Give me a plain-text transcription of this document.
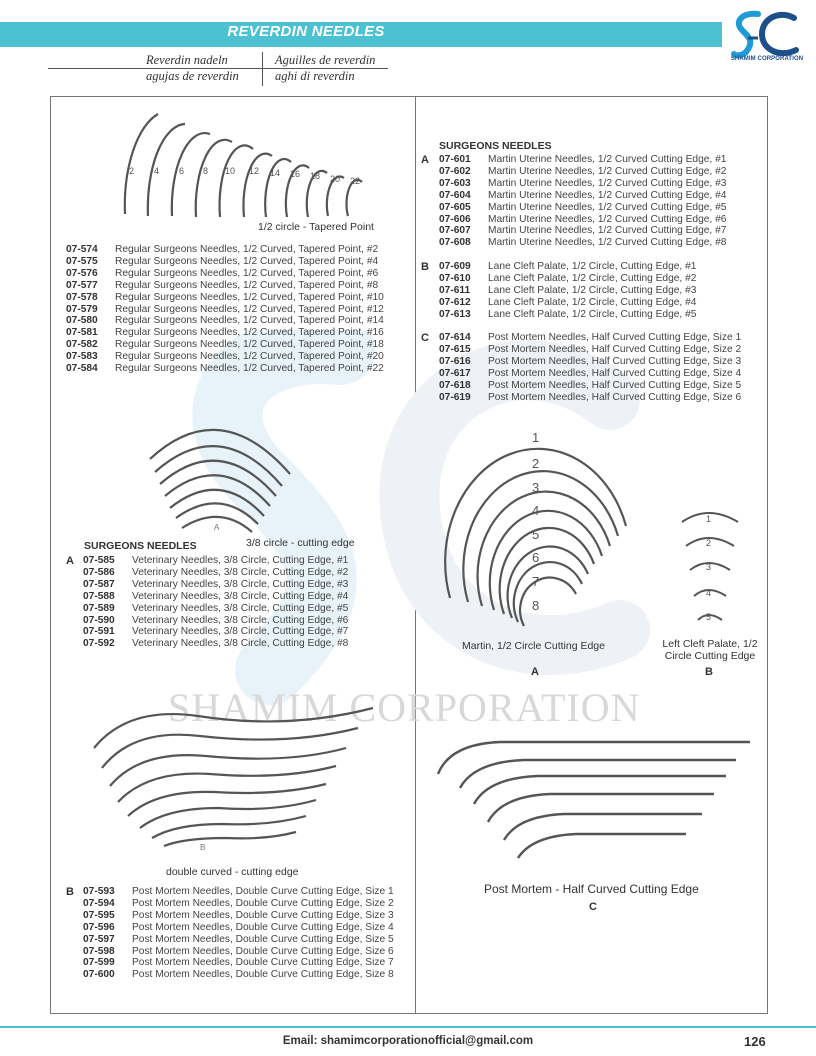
REVERDIN NEEDLES
Reverdin nadeln	Aguilles de reverdin
agujas de reverdin	aghi di reverdin
SHAMIM CORPORATION
SHAMIM CORPORATION
2 4 6 8 10 12 14 16 18 20 22
1/2 circle - Tapered Point
07-574	Regular Surgeons Needles, 1/2 Curved, Tapered Point, #2
07-575	Regular Surgeons Needles, 1/2 Curved, Tapered Point, #4
07-576	Regular Surgeons Needles, 1/2 Curved, Tapered Point, #6
07-577	Regular Surgeons Needles, 1/2 Curved, Tapered Point, #8
07-578	Regular Surgeons Needles, 1/2 Curved, Tapered Point, #10
07-579	Regular Surgeons Needles, 1/2 Curved, Tapered Point, #12
07-580	Regular Surgeons Needles, 1/2 Curved, Tapered Point, #14
07-581	Regular Surgeons Needles, 1/2 Curved, Tapered Point, #16
07-582	Regular Surgeons Needles, 1/2 Curved, Tapered Point, #18
07-583	Regular Surgeons Needles, 1/2 Curved, Tapered Point, #20
07-584	Regular Surgeons Needles, 1/2 Curved, Tapered Point, #22
A
3/8 circle - cutting edge
SURGEONS NEEDLES
A 07-585	Veterinary Needles, 3/8 Circle, Cutting Edge, #1
07-586	Veterinary Needles, 3/8 Circle, Cutting Edge, #2
07-587	Veterinary Needles, 3/8 Circle, Cutting Edge, #3
07-588	Veterinary Needles, 3/8 Circle, Cutting Edge, #4
07-589	Veterinary Needles, 3/8 Circle, Cutting Edge, #5
07-590	Veterinary Needles, 3/8 Circle, Cutting Edge, #6
07-591	Veterinary Needles, 3/8 Circle, Cutting Edge, #7
07-592	Veterinary Needles, 3/8 Circle, Cutting Edge, #8
B
double curved - cutting edge
B 07-593	Post Mortem Needles, Double Curve Cutting Edge, Size 1
07-594	Post Mortem Needles, Double Curve Cutting Edge, Size 2
07-595	Post Mortem Needles, Double Curve Cutting Edge, Size 3
07-596	Post Mortem Needles, Double Curve Cutting Edge, Size 4
07-597	Post Mortem Needles, Double Curve Cutting Edge, Size 5
07-598	Post Mortem Needles, Double Curve Cutting Edge, Size 6
07-599	Post Mortem Needles, Double Curve Cutting Edge, Size 7
07-600	Post Mortem Needles, Double Curve Cutting Edge, Size 8
SURGEONS NEEDLES
A 07-601	Martin Uterine Needles, 1/2 Curved Cutting Edge, #1
07-602	Martin Uterine Needles, 1/2 Curved Cutting Edge, #2
07-603	Martin Uterine Needles, 1/2 Curved Cutting Edge, #3
07-604	Martin Uterine Needles, 1/2 Curved Cutting Edge, #4
07-605	Martin Uterine Needles, 1/2 Curved Cutting Edge, #5
07-606	Martin Uterine Needles, 1/2 Curved Cutting Edge, #6
07-607	Martin Uterine Needles, 1/2 Curved Cutting Edge, #7
07-608	Martin Uterine Needles, 1/2 Curved Cutting Edge, #8
B 07-609	Lane Cleft Palate, 1/2 Circle, Cutting Edge, #1
07-610	Lane Cleft Palate, 1/2 Circle, Cutting Edge, #2
07-611	Lane Cleft Palate, 1/2 Circle, Cutting Edge, #3
07-612	Lane Cleft Palate, 1/2 Circle, Cutting Edge, #4
07-613	Lane Cleft Palate, 1/2 Circle, Cutting Edge, #5
C 07-614	Post Mortem Needles, Half Curved Cutting Edge, Size 1
07-615	Post Mortem Needles, Half Curved Cutting Edge, Size 2
07-616	Post Mortem Needles, Half Curved Cutting Edge, Size 3
07-617	Post Mortem Needles, Half Curved Cutting Edge, Size 4
07-618	Post Mortem Needles, Half Curved Cutting Edge, Size 5
07-619	Post Mortem Needles, Half Curved Cutting Edge, Size 6
1
2
3
4
5
6
7
8
Martin, 1/2 Circle Cutting Edge
A
1
2
3
4
5
Left Cleft Palate, 1/2 Circle Cutting Edge
B
Post Mortem - Half Curved Cutting Edge
C
Email: shamimcorporationofficial@gmail.com	126
